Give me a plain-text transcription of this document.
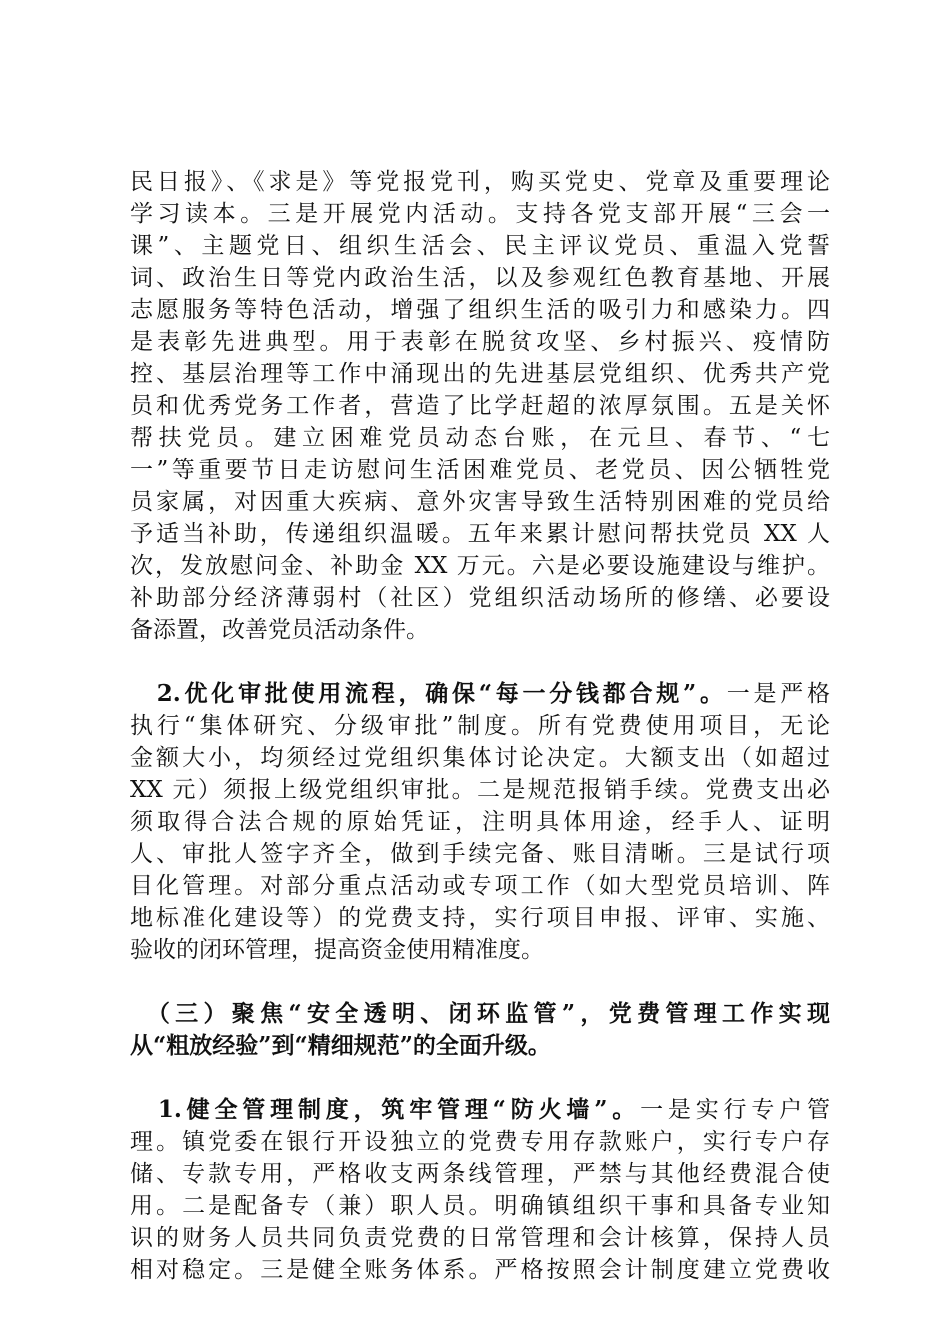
民日报》、《求是》等党报党刊，购买党史、党章及重要理论
学习读本。三是开展党内活动。支持各党支部开展“三会一
课”、主题党日、组织生活会、民主评议党员、重温入党誓
词、政治生日等党内政治生活，以及参观红色教育基地、开展
志愿服务等特色活动，增强了组织生活的吸引力和感染力。四
是表彰先进典型。用于表彰在脱贫攻坚、乡村振兴、疫情防
控、基层治理等工作中涌现出的先进基层党组织、优秀共产党
员和优秀党务工作者，营造了比学赶超的浓厚氛围。五是关怀
帮扶党员。建立困难党员动态台账，在元旦、春节、“七
一”等重要节日走访慰问生活困难党员、老党员、因公牺牲党
员家属，对因重大疾病、意外灾害导致生活特别困难的党员给
予适当补助，传递组织温暖。五年来累计慰问帮扶党员 XX 人
次，发放慰问金、补助金 XX 万元。六是必要设施建设与维护。
补助部分经济薄弱村（社区）党组织活动场所的修缮、必要设
备添置，改善党员活动条件。
　2.优化审批使用流程，确保“每一分钱都合规”。一是严格
执行“集体研究、分级审批”制度。所有党费使用项目，无论
金额大小，均须经过党组织集体讨论决定。大额支出（如超过
XX 元）须报上级党组织审批。二是规范报销手续。党费支出必
须取得合法合规的原始凭证，注明具体用途，经手人、证明
人、审批人签字齐全，做到手续完备、账目清晰。三是试行项
目化管理。对部分重点活动或专项工作（如大型党员培训、阵
地标准化建设等）的党费支持，实行项目申报、评审、实施、
验收的闭环管理，提高资金使用精准度。
　（三）聚焦“安全透明、闭环监管”，党费管理工作实现
从“粗放经验”到“精细规范”的全面升级。
　1.健全管理制度，筑牢管理“防火墙”。一是实行专户管
理。镇党委在银行开设独立的党费专用存款账户，实行专户存
储、专款专用，严格收支两条线管理，严禁与其他经费混合使
用。二是配备专（兼）职人员。明确镇组织干事和具备专业知
识的财务人员共同负责党费的日常管理和会计核算，保持人员
相对稳定。三是健全账务体系。严格按照会计制度建立党费收
